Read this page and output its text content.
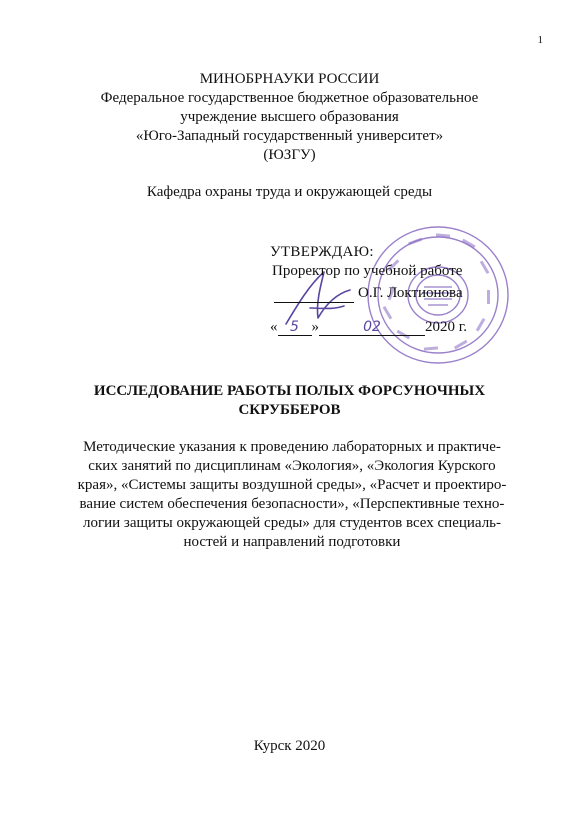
1
МИНОБРНАУКИ РОССИИ
Федеральное государственное бюджетное образовательное
учреждение высшего образования
«Юго-Западный государственный университет»
(ЮЗГУ)
Кафедра охраны труда и окружающей среды
УТВЕРЖДАЮ:
Проректор по учебной работе
О.Г. Локтионова
« 5 »	02	2020 г.
ИССЛЕДОВАНИЕ РАБОТЫ ПОЛЫХ ФОРСУНОЧНЫХ
СКРУББЕРОВ
Методические указания к проведению лабораторных и практиче-
ских занятий по дисциплинам «Экология», «Экология Курского
края», «Системы защиты воздушной среды», «Расчет и проектиро-
вание систем обеспечения безопасности», «Перспективные техно-
логии защиты окружающей среды» для студентов всех специаль-
ностей и направлений подготовки
Курск 2020
